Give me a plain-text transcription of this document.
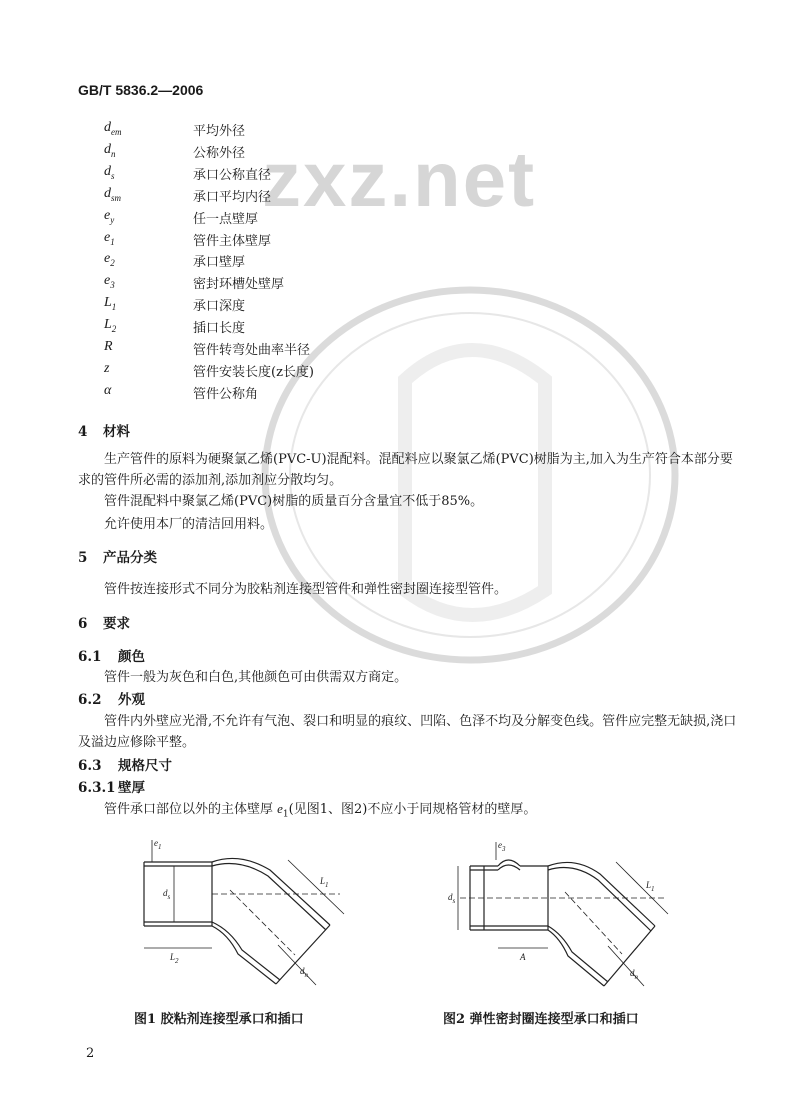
GB/T 5836.2—2006
zxz.net
$d_{em}$	平均外径
$d_n$	公称外径
$d_s$	承口公称直径
$d_{sm}$	承口平均内径
$e_y$	任一点壁厚
$e_1$	管件主体壁厚
$e_2$	承口壁厚
$e_3$	密封环槽处壁厚
$L_1$	承口深度
$L_2$	插口长度
R	管件转弯处曲率半径
z	管件安装长度(z长度)
α	管件公称角
4 材料
生产管件的原料为硬聚氯乙烯(PVC-U)混配料。混配料应以聚氯乙烯(PVC)树脂为主,加入为生产符合本部分要求的管件所必需的添加剂,添加剂应分散均匀。
管件混配料中聚氯乙烯(PVC)树脂的质量百分含量宜不低于85%。
允许使用本厂的清洁回用料。
5 产品分类
管件按连接形式不同分为胶粘剂连接型管件和弹性密封圈连接型管件。
6 要求
6.1 颜色
管件一般为灰色和白色,其他颜色可由供需双方商定。
6.2 外观
管件内外壁应光滑,不允许有气泡、裂口和明显的痕纹、凹陷、色泽不均及分解变色线。管件应完整无缺损,浇口及溢边应修除平整。
6.3 规格尺寸
6.3.1 壁厚
管件承口部位以外的主体壁厚 $e_1$(见图1、图2)不应小于同规格管材的壁厚。
$e_1$
$d_s$
$L_2$
$L_1$
$d_n$
$e_3$
$d_s$
A
$L_1$
$d_n$
图1 胶粘剂连接型承口和插口	图2 弹性密封圈连接型承口和插口
2
